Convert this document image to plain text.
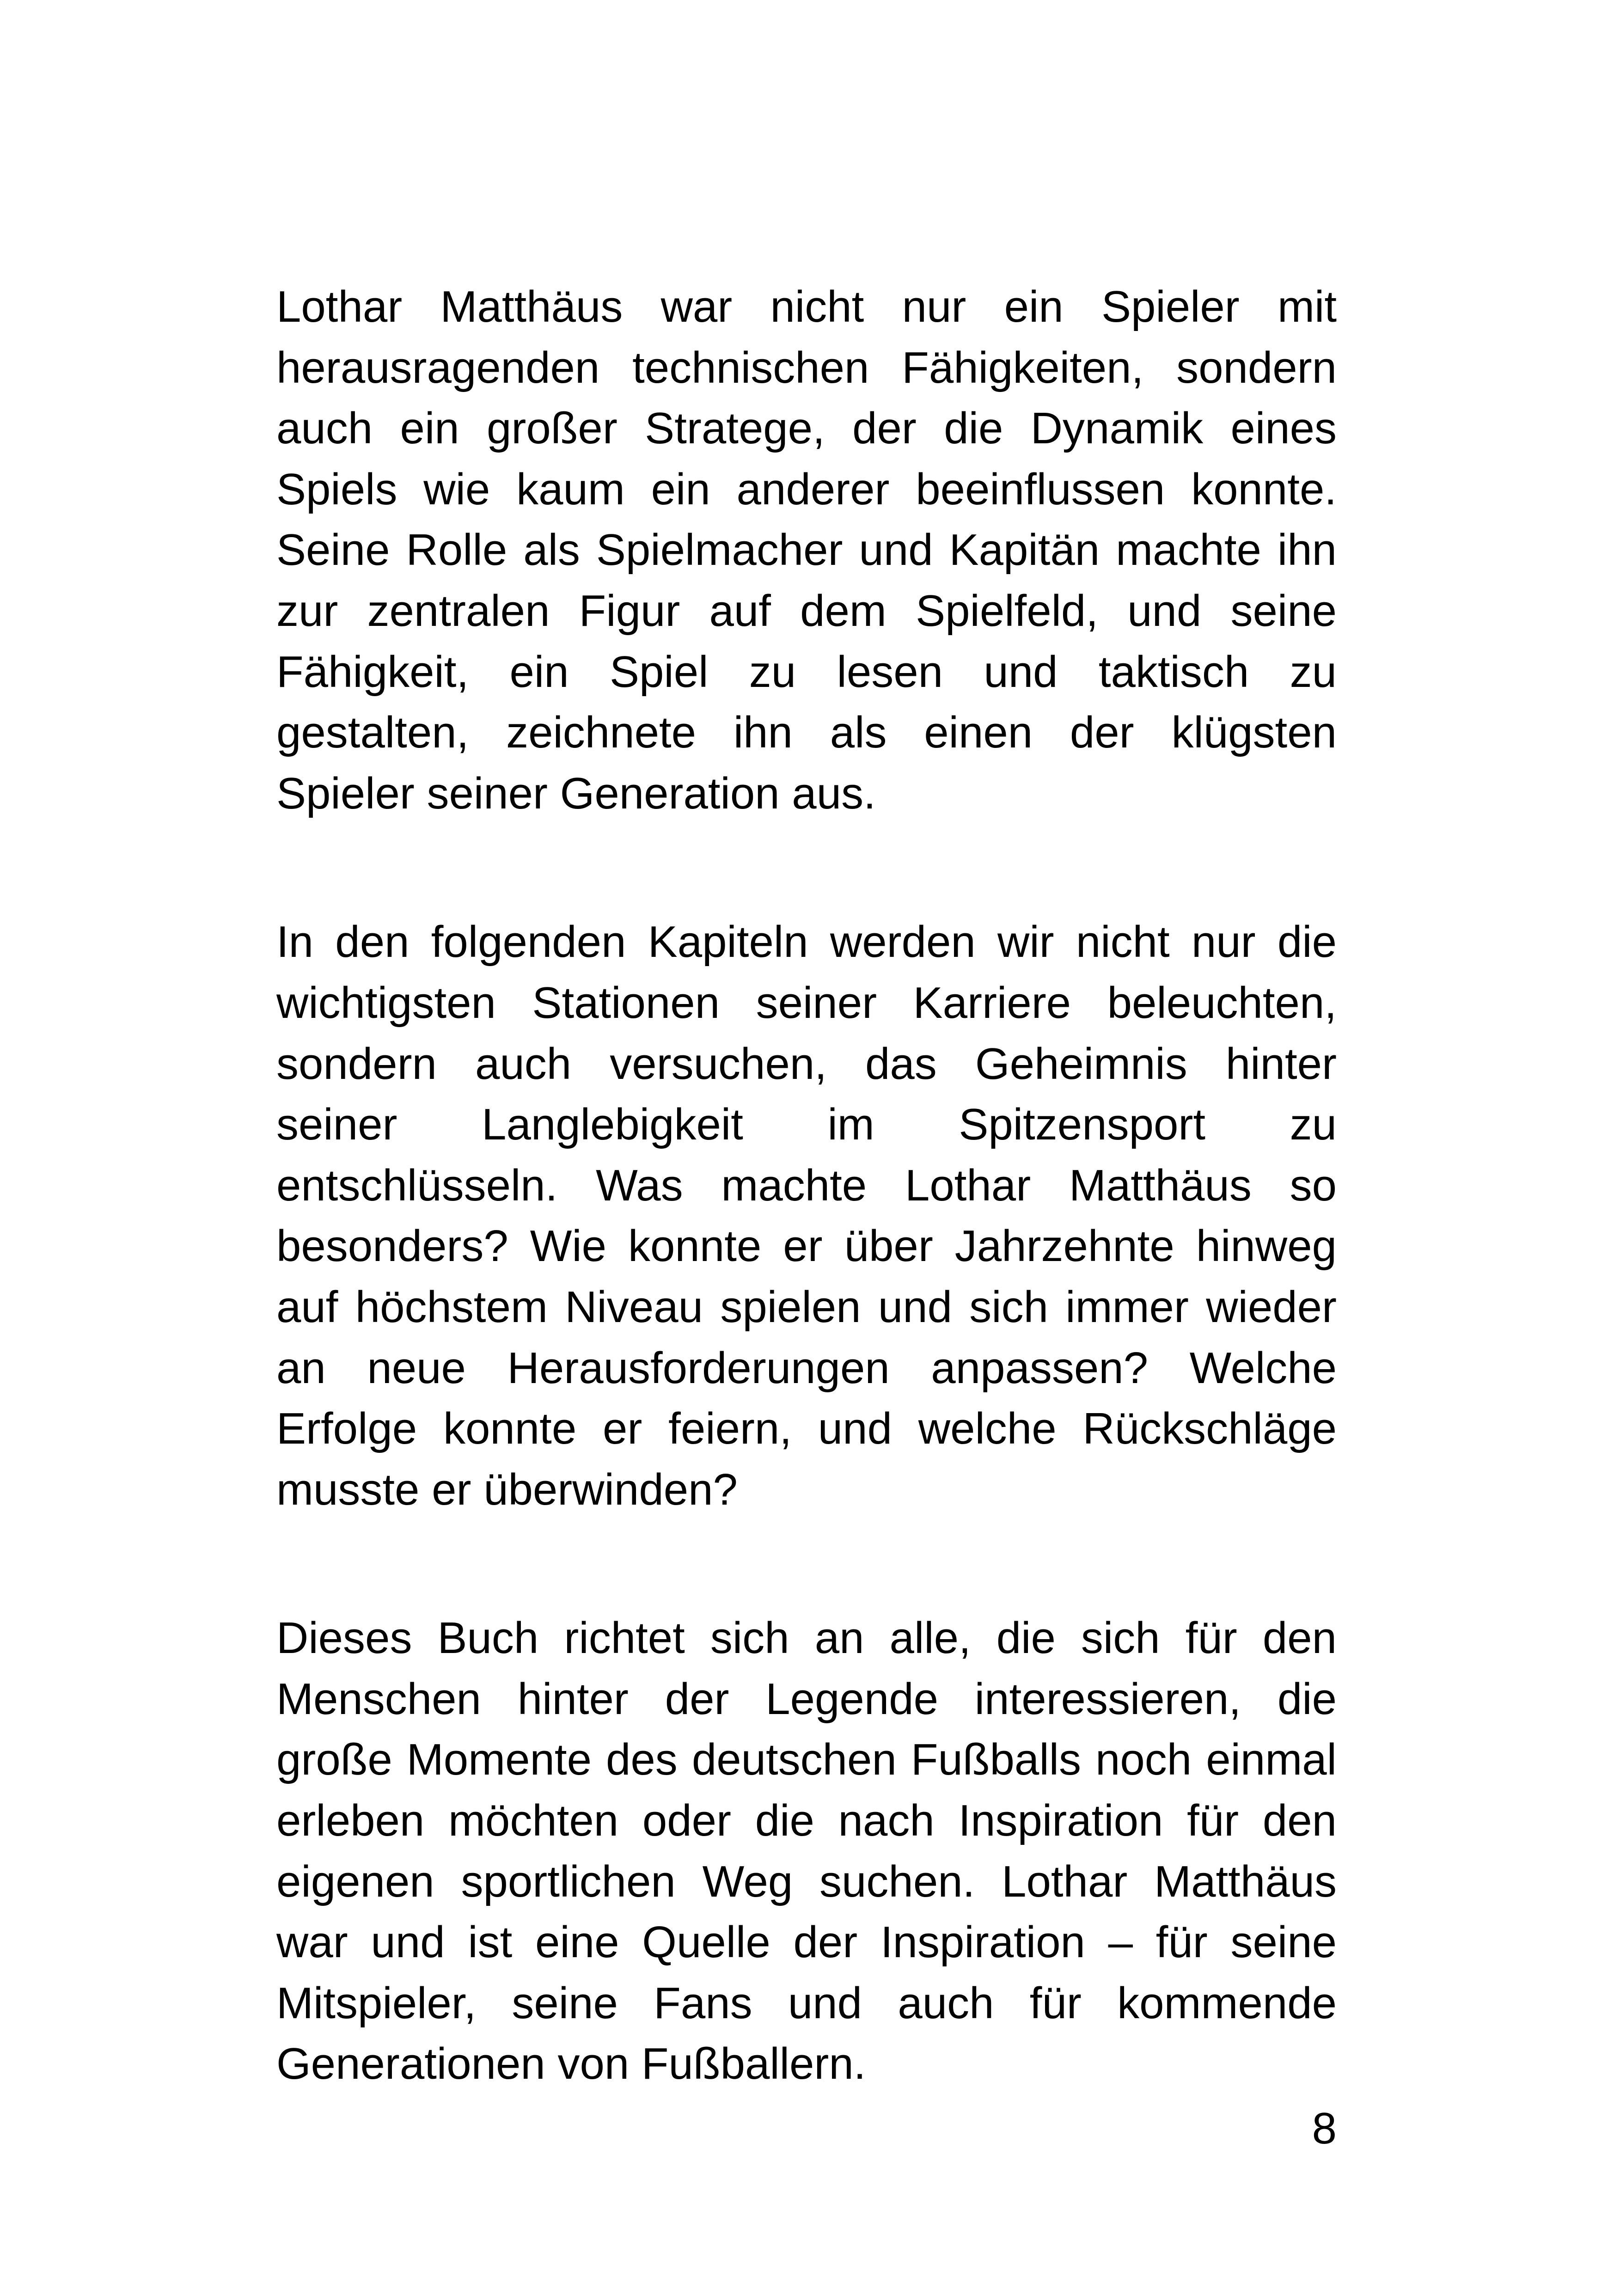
Lothar Matthäus war nicht nur ein Spieler mit herausragenden technischen Fähigkeiten, sondern auch ein großer Stratege, der die Dynamik eines Spiels wie kaum ein anderer beeinflussen konnte. Seine Rolle als Spielmacher und Kapitän machte ihn zur zentralen Figur auf dem Spielfeld, und seine Fähigkeit, ein Spiel zu lesen und taktisch zu gestalten, zeichnete ihn als einen der klügsten Spieler seiner Generation aus.

In den folgenden Kapiteln werden wir nicht nur die wichtigsten Stationen seiner Karriere beleuchten, sondern auch versuchen, das Geheimnis hinter seiner Langlebigkeit im Spitzensport zu entschlüsseln. Was machte Lothar Matthäus so besonders? Wie konnte er über Jahrzehnte hinweg auf höchstem Niveau spielen und sich immer wieder an neue Herausforderungen anpassen? Welche Erfolge konnte er feiern, und welche Rückschläge musste er überwinden?

Dieses Buch richtet sich an alle, die sich für den Menschen hinter der Legende interessieren, die große Momente des deutschen Fußballs noch einmal erleben möchten oder die nach Inspiration für den eigenen sportlichen Weg suchen. Lothar Matthäus war und ist eine Quelle der Inspiration – für seine Mitspieler, seine Fans und auch für kommende Generationen von Fußballern.

8
